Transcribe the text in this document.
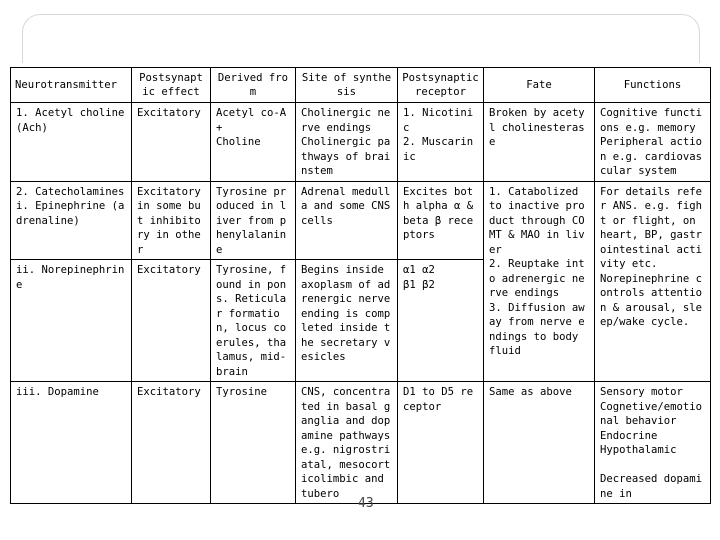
Neurotransmitter	Postsynaptic effect	Derived from	Site of synthesis	Postsynaptic receptor	Fate	Functions
1. Acetyl choline (Ach)	Excitatory	Acetyl co-A +
Choline	Cholinergic nerve endings
Cholinergic pathways of brainstem	1. Nicotinic
2. Muscarinic	Broken by acetyl cholinesterase	Cognitive functions e.g. memory
Peripheral action e.g. cardiovascular system
2. Catecholamines
i. Epinephrine (adrenaline)	Excitatory in some but inhibitory in other	Tyrosine produced in liver from phenylalanine	Adrenal medulla and some CNS cells	Excites both alpha α &
beta β receptors	1. Catabolized to inactive product through COMT & MAO in liver
2. Reuptake into adrenergic nerve endings
3. Diffusion away from nerve endings to body fluid	For details refer ANS. e.g. fight or flight, on heart, BP, gastrointestinal activity etc.
Norepinephrine controls attention & arousal, sleep/wake cycle.
ii. Norepinephrine	Excitatory	Tyrosine, found in pons. Reticular formation, locus coerules, thalamus, mid-brain	Begins inside axoplasm of adrenergic nerve ending is completed inside the secretary vesicles	α1 α2
β1 β2		
iii. Dopamine	Excitatory	Tyrosine	CNS, concentrated in basal ganglia and dopamine pathways e.g. nigrostriatal, mesocorticolimbic and tubero	D1 to D5 receptor	Same as above	Sensory motor
Cognetive/emotional behavior
Endocrine
Hypothalamic

Decreased dopamine in
43
